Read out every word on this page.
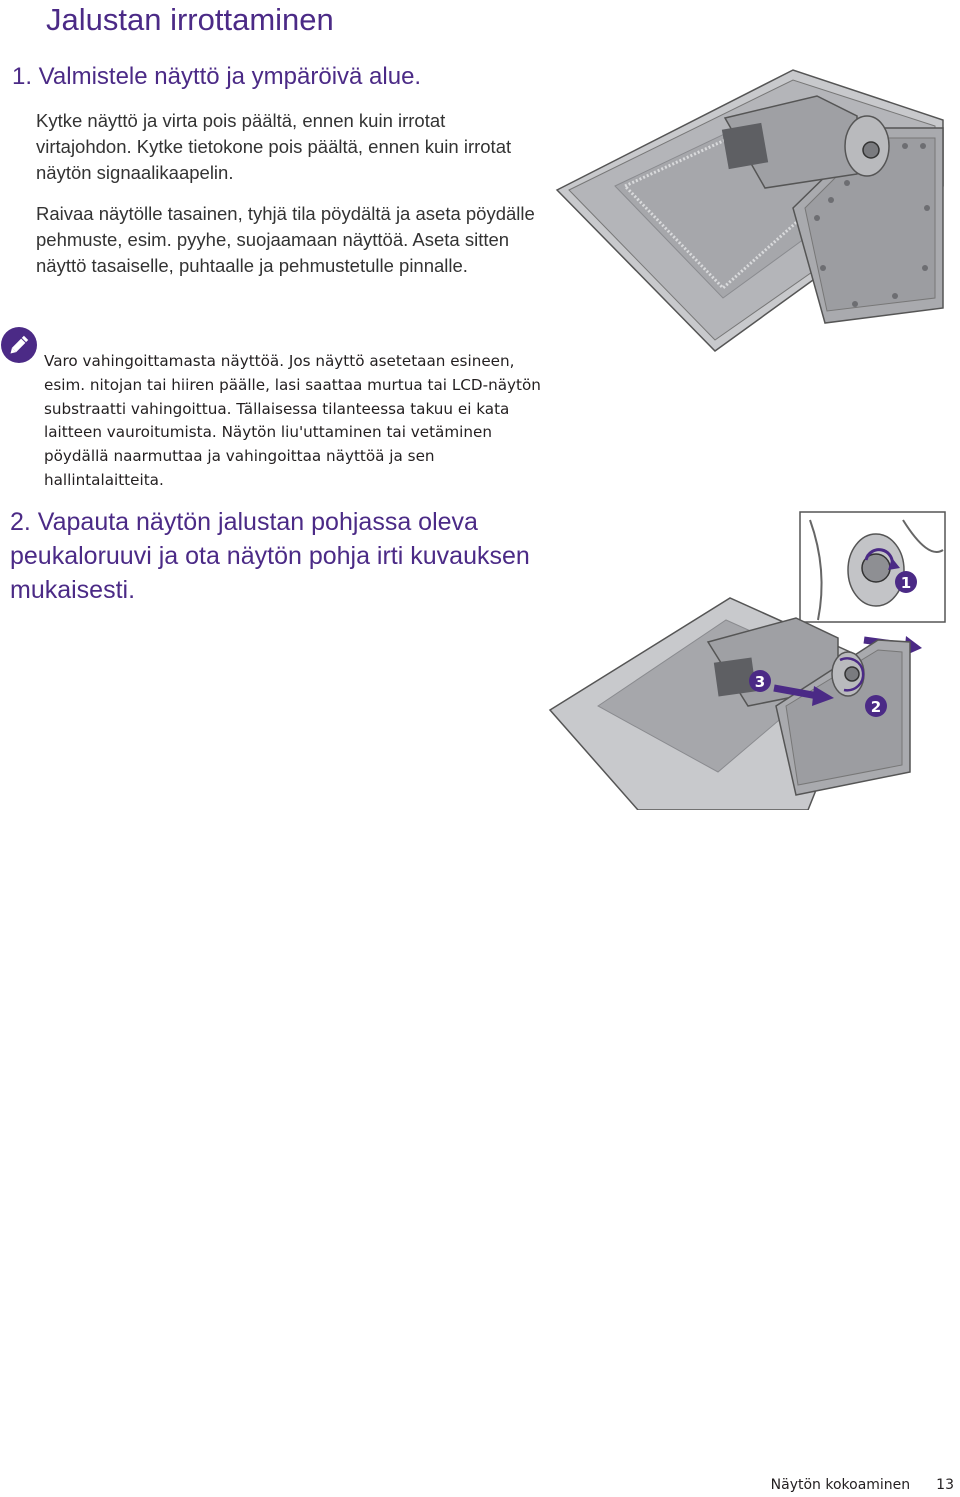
Jalustan irrottaminen
1. Valmistele näyttö ja ympäröivä alue.

Kytke näyttö ja virta pois päältä, ennen kuin irrotat virtajohdon. Kytke tietokone pois päältä, ennen kuin irrotat näytön signaalikaapelin.

Raivaa näytölle tasainen, tyhjä tila pöydältä ja aseta pöydälle pehmuste, esim. pyyhe, suojaamaan näyttöä. Aseta sitten näyttö tasaiselle, puhtaalle ja pehmustetulle pinnalle.

Varo vahingoittamasta näyttöä. Jos näyttö asetetaan esineen, esim. nitojan tai hiiren päälle, lasi saattaa murtua tai LCD-näytön substraatti vahingoittua. Tällaisessa tilanteessa takuu ei kata laitteen vauroitumista. Näytön liu'uttaminen tai vetäminen pöydällä naarmuttaa ja vahingoittaa näyttöä ja sen hallintalaitteita.

2. Vapauta näytön jalustan pohjassa oleva peukaloruuvi ja ota näytön pohja irti kuvauksen mukaisesti.	1
2
3
Näytön kokoaminen 13
